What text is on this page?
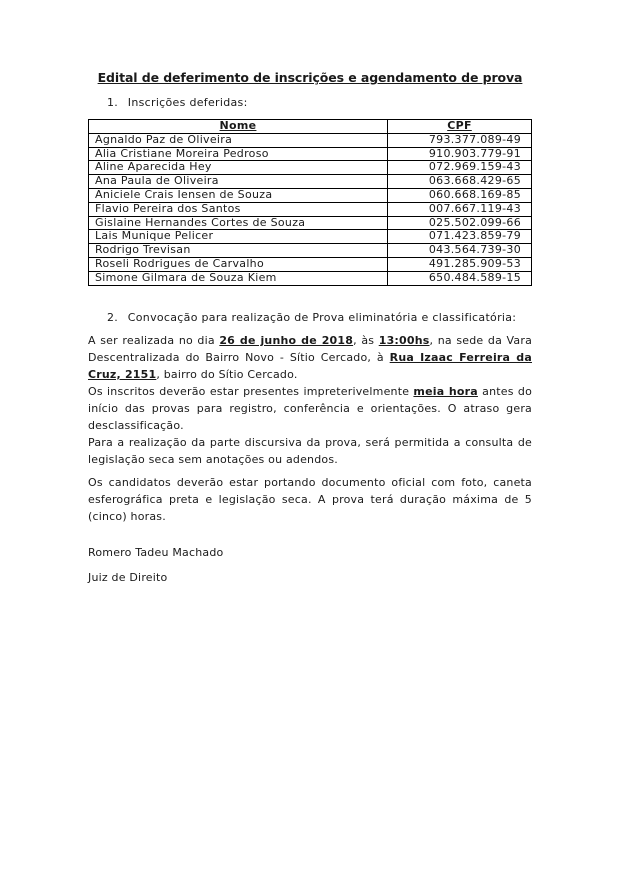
Edital de deferimento de inscrições e agendamento de prova
1. Inscrições deferidas:
Nome	CPF
Agnaldo Paz de Oliveira	793.377.089-49
Alia Cristiane Moreira Pedroso	910.903.779-91
Aline Aparecida Hey	072.969.159-43
Ana Paula de Oliveira	063.668.429-65
Aniciele Crais Iensen de Souza	060.668.169-85
Flavio Pereira dos Santos	007.667.119-43
Gislaine Hernandes Cortes de Souza	025.502.099-66
Lais Munique Pelicer	071.423.859-79
Rodrigo Trevisan	043.564.739-30
Roseli Rodrigues de Carvalho	491.285.909-53
Simone Gilmara de Souza Kiem	650.484.589-15
2. Convocação para realização de Prova eliminatória e classificatória:
A ser realizada no dia 26 de junho de 2018, às 13:00hs, na sede da Vara Descentralizada do Bairro Novo - Sítio Cercado, à Rua Izaac Ferreira da Cruz, 2151, bairro do Sítio Cercado.
Os inscritos deverão estar presentes impreterivelmente meia hora antes do início das provas para registro, conferência e orientações. O atraso gera desclassificação.
Para a realização da parte discursiva da prova, será permitida a consulta de legislação seca sem anotações ou adendos.
Os candidatos deverão estar portando documento oficial com foto, caneta esferográfica preta e legislação seca. A prova terá duração máxima de 5 (cinco) horas.
Romero Tadeu Machado
Juiz de Direito
